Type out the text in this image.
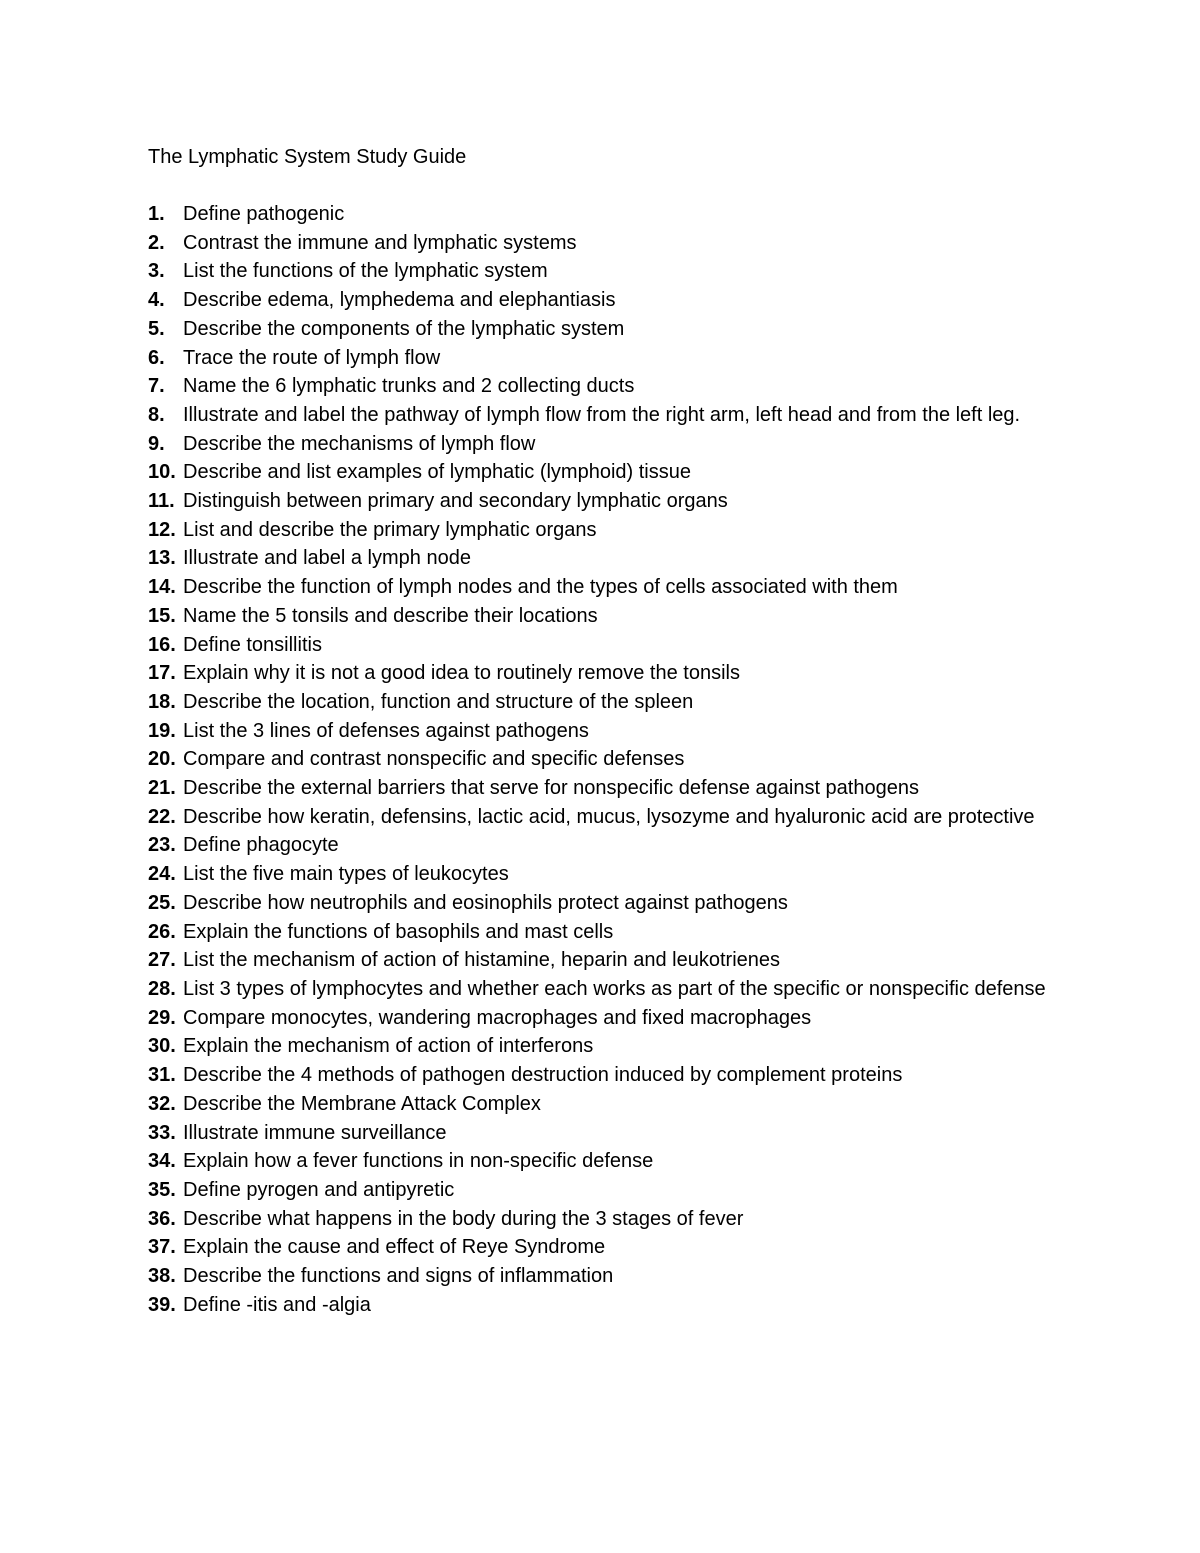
The Lymphatic System Study Guide
1. Define pathogenic
2. Contrast the immune and lymphatic systems
3. List the functions of the lymphatic system
4. Describe edema, lymphedema and elephantiasis
5. Describe the components of the lymphatic system
6. Trace the route of lymph flow
7. Name the 6 lymphatic trunks and 2 collecting ducts
8. Illustrate and label the pathway of lymph flow from the right arm, left head and from the left leg.
9. Describe the mechanisms of lymph flow
10. Describe and list examples of lymphatic (lymphoid) tissue
11. Distinguish between primary and secondary lymphatic organs
12. List and describe the primary lymphatic organs
13. Illustrate and label a lymph node
14. Describe the function of lymph nodes and the types of cells associated with them
15. Name the 5 tonsils and describe their locations
16. Define tonsillitis
17. Explain why it is not a good idea to routinely remove the tonsils
18. Describe the location, function and structure of the spleen
19. List the 3 lines of defenses against pathogens
20. Compare and contrast nonspecific and specific defenses
21. Describe the external barriers that serve for nonspecific defense against pathogens
22. Describe how keratin, defensins, lactic acid, mucus, lysozyme and hyaluronic acid are protective
23. Define phagocyte
24. List the five main types of leukocytes
25. Describe how neutrophils and eosinophils protect against pathogens
26. Explain the functions of basophils and mast cells
27. List the mechanism of action of histamine, heparin and leukotrienes
28. List 3 types of lymphocytes and whether each works as part of the specific or nonspecific defense
29. Compare monocytes, wandering macrophages and fixed macrophages
30. Explain the mechanism of action of interferons
31. Describe the 4 methods of pathogen destruction induced by complement proteins
32. Describe the Membrane Attack Complex
33. Illustrate immune surveillance
34. Explain how a fever functions in non-specific defense
35. Define pyrogen and antipyretic
36. Describe what happens in the body during the 3 stages of fever
37. Explain the cause and effect of Reye Syndrome
38. Describe the functions and signs of inflammation
39. Define -itis and -algia
